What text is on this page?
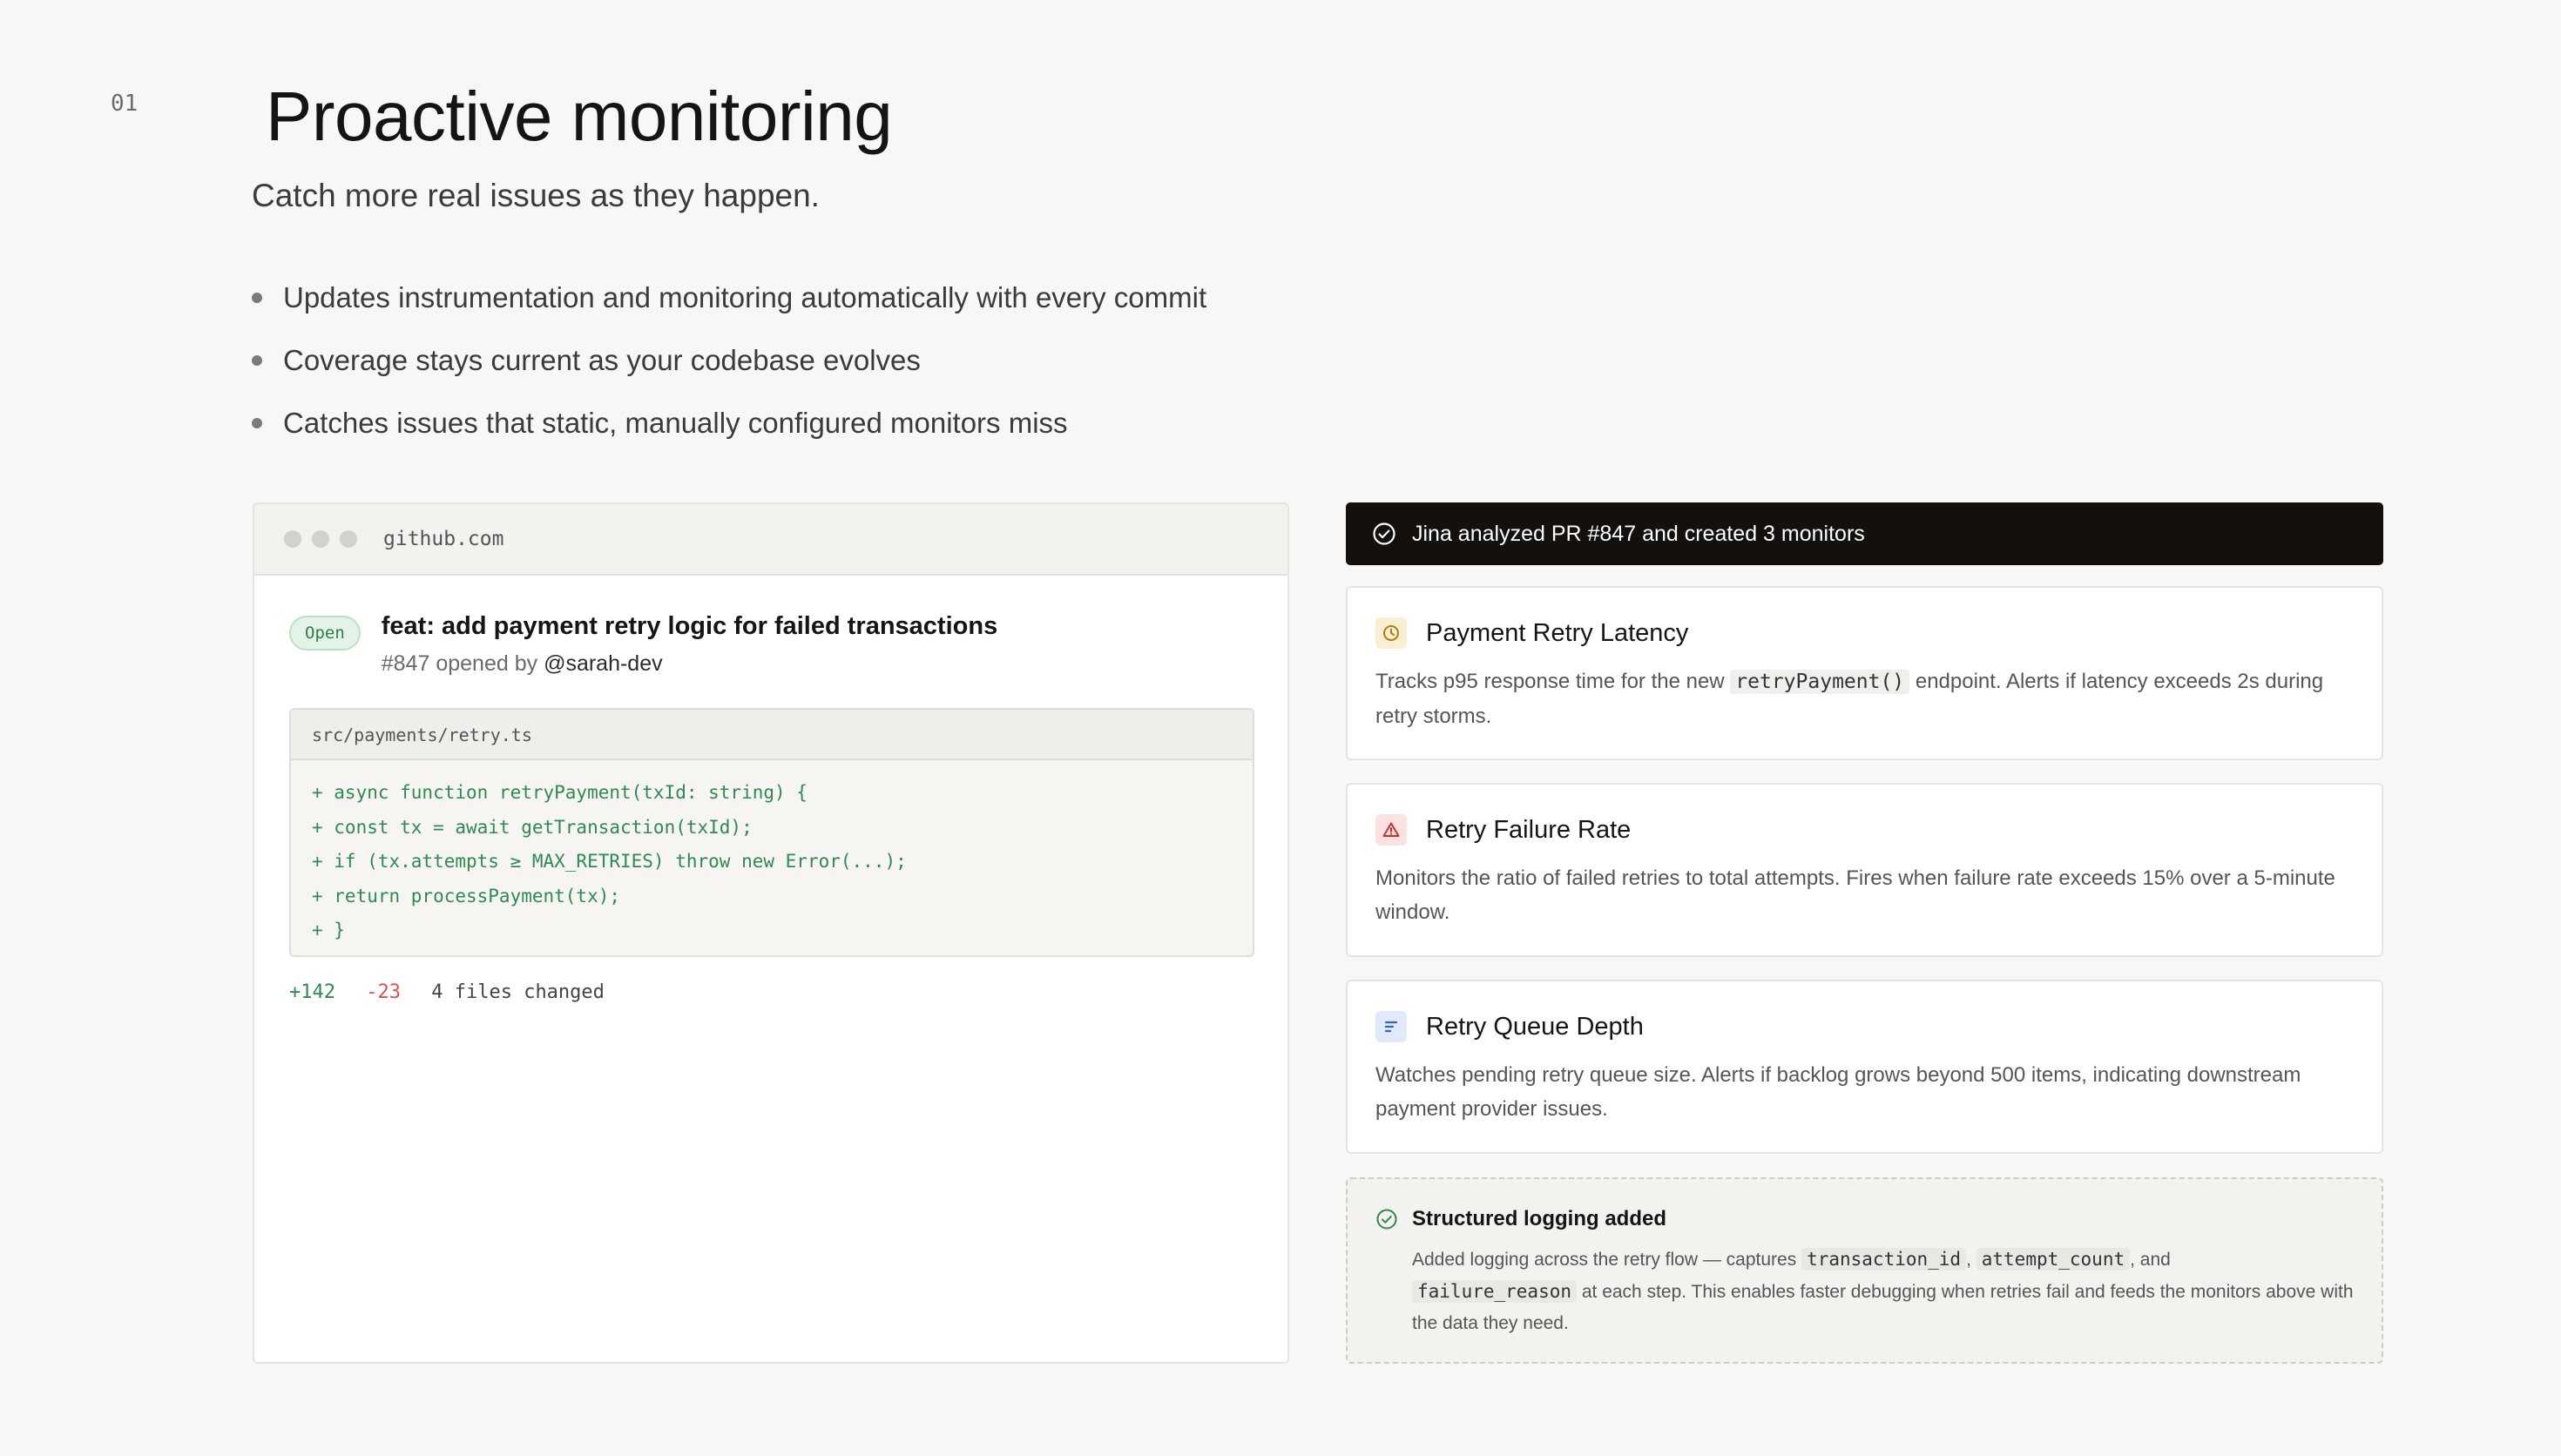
01 Proactive monitoring
Catch more real issues as they happen.
Updates instrumentation and monitoring automatically with every commit
Coverage stays current as your codebase evolves
Catches issues that static, manually configured monitors miss
github.com
Open	feat: add payment retry logic for failed transactions
#847 opened by @sarah-dev
src/payments/retry.ts
+ async function retryPayment(txId: string) {
+ const tx = await getTransaction(txId);
+ if (tx.attempts ≥ MAX_RETRIES) throw new Error(...);
+ return processPayment(tx);
+ }
+142 -23 4 files changed
Jina analyzed PR #847 and created 3 monitors
Payment Retry Latency
Tracks p95 response time for the new retryPayment() endpoint. Alerts if latency exceeds 2s during retry storms.
Retry Failure Rate
Monitors the ratio of failed retries to total attempts. Fires when failure rate exceeds 15% over a 5-minute window.
Retry Queue Depth
Watches pending retry queue size. Alerts if backlog grows beyond 500 items, indicating downstream payment provider issues.
Structured logging added
Added logging across the retry flow — captures transaction_id , attempt_count , and
failure_reason at each step. This enables faster debugging when retries fail and feeds the monitors above with the data they need.
